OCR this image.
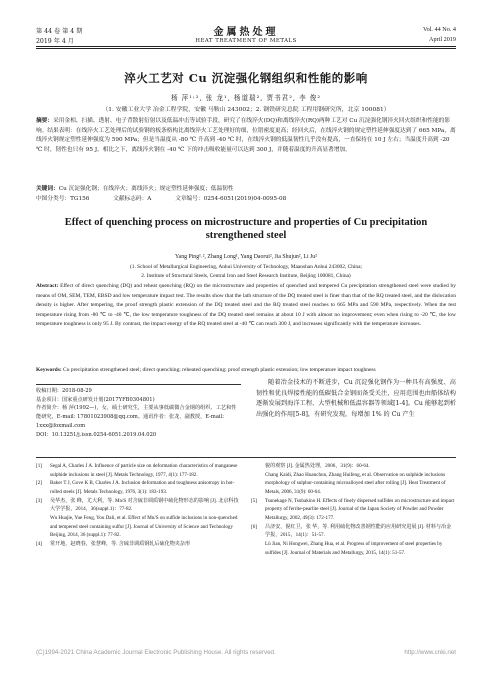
第 44 卷 第 4 期
2019 年 4 月
金属热处理
HEAT TREATMENT OF METALS
Vol. 44 No. 4
April 2019
淬火工艺对 Cu 沉淀强化钢组织和性能的影响
杨 萍¹˒², 张 龙¹, 杨道瑞², 贾书君², 李 俊²
（1. 安徽工业大学 冶金工程学院，安徽 马鞍山 243002；2. 钢铁研究总院 工程用钢研究所，北京 100081）
摘要：采用金相、扫描、透射、电子背散射衍射以及低温冲击等试验手段，研究了在线淬火(DQ)和离线淬火(RQ)两种工艺对 Cu 沉淀强化钢淬火回火组织和性能的影响。结果表明：在线淬火工艺处理后的试验钢的板条格构比离线淬火工艺处理好的细，位错密度更高；经回火后，在线淬火钢的规定塑性延伸强度达到了 665 MPa，离线淬火钢规定塑性延伸强度为 590 MPa；但是当温度从 -80 ℃ 升高到 -40 ℃ 时，在线淬火钢的低温韧性几乎没有提高，一直保持在 10 J 左右；当温度升高到 -20 ℃ 时，韧性也只有 95 J。相比之下，离线淬火钢在 -40 ℃ 下的冲击吸收能量可以达到 300 J，并随着温度的升高显著增加。
关键词：Cu 沉淀强化钢；在线淬火；离线淬火；规定塑性延伸强度；低温韧性
中图分类号：TG156	文献标志码：A	文章编号：0254-6051(2019)04-0095-08
Effect of quenching process on microstructure and properties of Cu precipitation strengthened steel
Yang Ping¹˒², Zhang Long¹, Yang Daorui², Jia Shujun², Li Ju²
(1. School of Metallurgical Engineering, Anhui University of Technology, Maanshan Anhui 243002, China;
2. Institute of Structural Steels, Central Iron and Steel Research Institute, Beijing 100081, China)
Abstract: Effect of direct quenching (DQ) and reheat quenching (RQ) on the microstructure and properties of quenched and tempered Cu precipitation strengthened steel were studied by means of OM, SEM, TEM, EBSD and low temperature impact test. The results show that the lath structure of the DQ treated steel is finer than that of the RQ treated steel, and the dislocation density is higher. After tempering, the proof strength plastic extension of the DQ treated steel and the RQ treated steel reaches to 665 MPa and 590 MPa, respectively. When the test temperature rising from -80 ℃ to -40 ℃, the low temperature toughness of the DQ treated steel remains at about 10 J with almost no improvement; even when rising to -20 ℃, the low temperature toughness is only 95 J. By contrast, the impact energy of the RQ treated steel at -40 ℃ can reach 300 J, and increases significantly with the temperature increases.
Keywords: Cu precipitation strengthened steel; direct quenching; reheated quenching; proof strength plastic extension; low temperature impact toughness
收稿日期：2018-08-29
基金项目：国家重点研发计划(2017YFB0304801)
作者简介：杨 萍(1992—)，女，硕士研究生，主要从事低碳微合金钢的组织、工艺和性能研究，E-mail: 17801023908@qq.com。通讯作者：张龙，副教授，E-mail: 1xxx@foxmail.com
DOI：10.13251/j.issn.0254-6051.2019.04.020
随着冶金技术的不断进步，Cu 沉淀强化钢作为一种具有高强度、高韧性和优良焊接性能的低碳低合金钢而备受关注，应用范围也由船体结构逐渐发展到海洋工程、大型机械和低温容器等领域[1-4]。Cu 能够起到析出强化的作用[5-8]，有研究发现，每增加 1% 的 Cu 产生
[1]	Segal A, Charles J A. Influence of particle size on deformation characteristics of manganese sulphide inclusions in steel [J]. Metals Technology, 1977, 4(1): 177-182.
[2]	Baker T J, Gove K B, Charles J A. Inclusion deformation and toughness anisotropy in hot-rolled steels [J]. Metals Technology, 1976, 3(1): 183-193.
[3]	吴华杰，张 峰，尤大利，等. Mn/S 对含硫非调质钢中硫化物形态的影响 [J]. 北京科技大学学报，2014，36(suppl.1)：77-82.
Wu Huajie, Yue Feng, You Dali, et al. Effect of Mn/S on sulfide inclusions in non-quenched and tempered steel containing sulfur [J]. Journal of University of Science and Technology Beijing, 2014, 36 (suppl.1): 77-82.
[4]	常开地，赵晓春，张慧峰，等. 含硫非调质钢轧后硫化物夹杂形
貌的观察 [J]. 金属热处理，2006，31(9)：60-64.
Chang Kaidi, Zhao Huanchun, Zhang Huifeng, et al. Observation on sulphide inclusions morphology of sulphur-containing microalloyed steel after rolling [J]. Heat Treatment of Metals, 2006, 31(9): 60-64.
[5]	Tsunekage N, Tsubakino H. Effects of finely dispersed sulfides on microstructure and impact property of ferrite-pearlite steel [J]. Journal of the Japan Society of Powder and Powder Metallurgy, 2002, 49(3): 172-177.
[6]	吕济安，倪红卫，张 华，等. 利用硫化物改善钢性能的应用研究进展 [J]. 材料与冶金学报，2015，14(1)：51-57.
Lü Jian, Ni Hongwei, Zhang Hua, et al. Progress of improvement of steel properties by sulfides [J]. Journal of Materials and Metallurgy, 2015, 14(1): 51-57.
(C)1994-2021 China Academic Journal Electronic Publishing House. All rights reserved.	http://www.cnki.net
